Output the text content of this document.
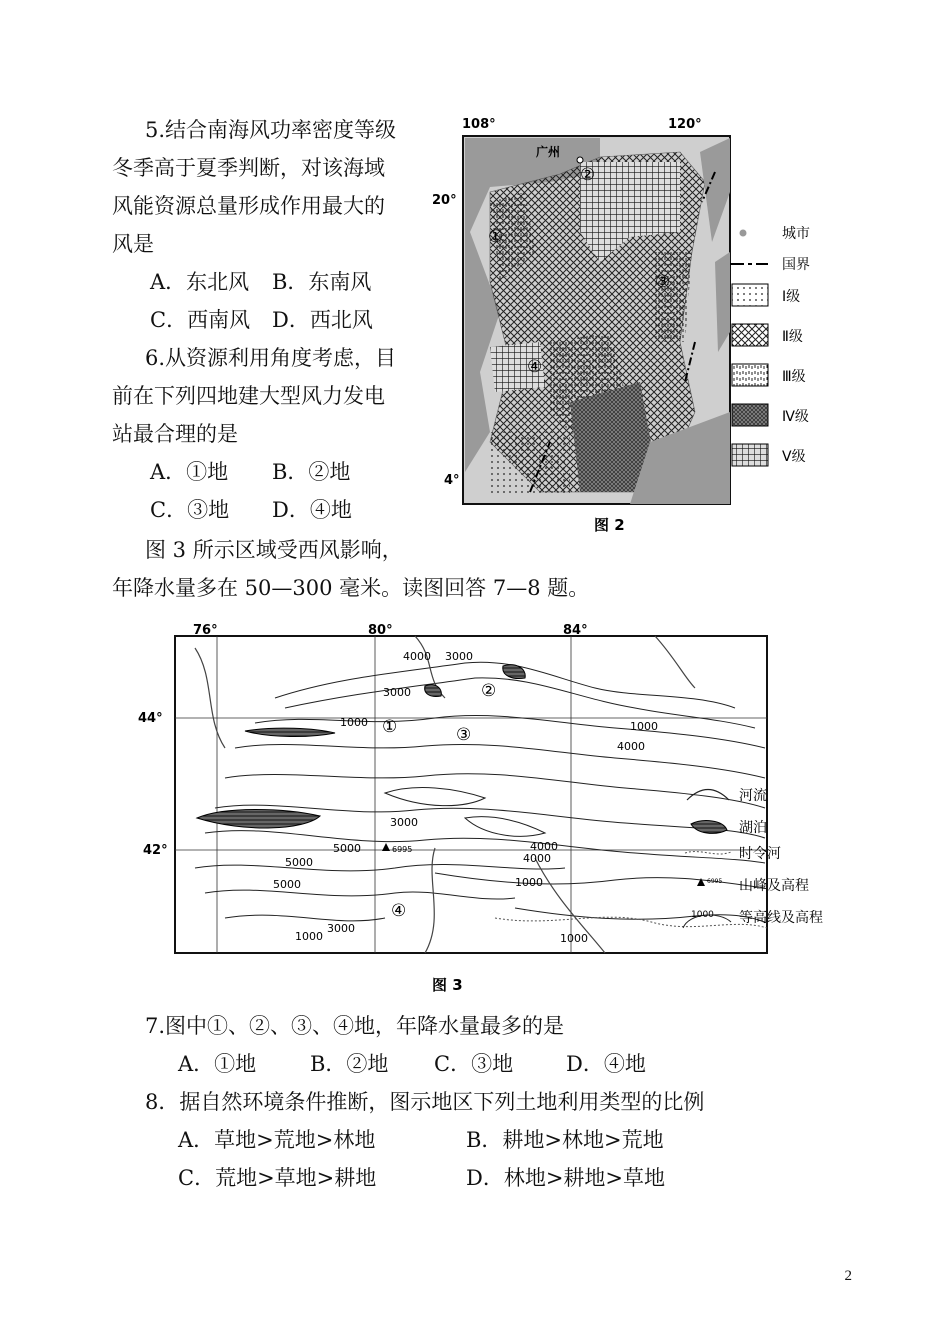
5.结合南海风功率密度等级
冬季高于夏季判断，对该海域
风能资源总量形成作用最大的
风是
A．东北风 B．东南风
C．西南风 D．西北风
6.从资源利用角度考虑，目
前在下列四地建大型风力发电
站最合理的是
A．①地 B．②地
C．③地 D．④地
图 3 所示区域受西风影响，
年降水量多在 50—300 毫米。读图回答 7—8 题。
108°	120°
20°
4°
广州
①
②
③
④
城市
国界
Ⅰ级
Ⅱ级
Ⅲ级
Ⅳ级
Ⅴ级
图 2
76°	80°	84°
44°
42°
4000 3000
3000
1000	1000
4000
3000
4000
4000
5000
5000
5000	1000
1000
3000
1000
6995
①
②
③
④
6995
1000
河流
湖泊
时令河
山峰及高程
等高线及高程
图 3
7.图中①、②、③、④地，年降水量最多的是
A．①地	B．②地 C．③地	D．④地
8．据自然环境条件推断，图示地区下列土地利用类型的比例
A．草地>荒地>林地	B．耕地>林地>荒地
C．荒地>草地>耕地	D．林地>耕地>草地
2
